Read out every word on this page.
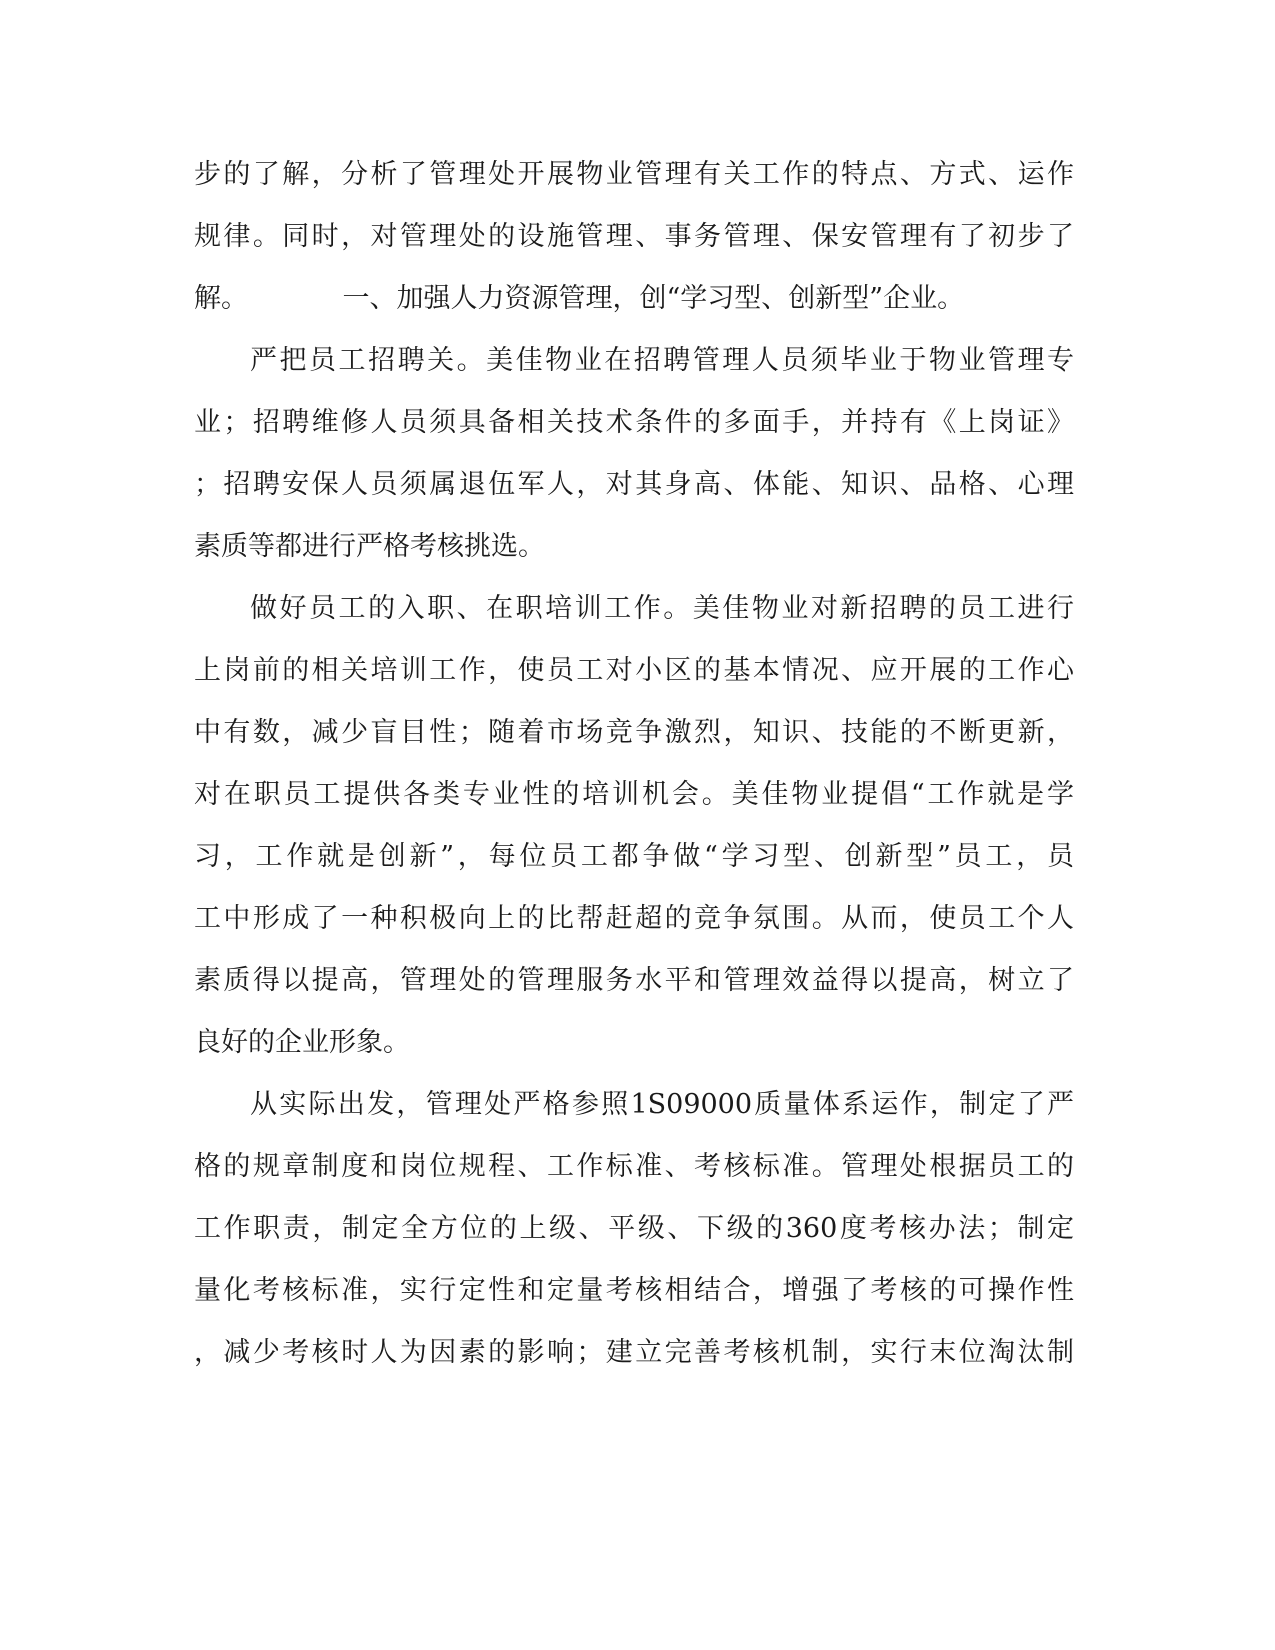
步的了解，分析了管理处开展物业管理有关工作的特点、方式、运作
规律。同时，对管理处的设施管理、事务管理、保安管理有了初步了
解。　　　　一、加强人力资源管理，创“学习型、创新型”企业。
严把员工招聘关。美佳物业在招聘管理人员须毕业于物业管理专
业；招聘维修人员须具备相关技术条件的多面手，并持有《上岗证》
；招聘安保人员须属退伍军人，对其身高、体能、知识、品格、心理
素质等都进行严格考核挑选。
做好员工的入职、在职培训工作。美佳物业对新招聘的员工进行
上岗前的相关培训工作，使员工对小区的基本情况、应开展的工作心
中有数，减少盲目性；随着市场竞争激烈，知识、技能的不断更新，
对在职员工提供各类专业性的培训机会。美佳物业提倡“工作就是学
习，工作就是创新”，每位员工都争做“学习型、创新型”员工，员
工中形成了一种积极向上的比帮赶超的竞争氛围。从而，使员工个人
素质得以提高，管理处的管理服务水平和管理效益得以提高，树立了
良好的企业形象。
从实际出发，管理处严格参照1S09000质量体系运作，制定了严
格的规章制度和岗位规程、工作标准、考核标准。管理处根据员工的
工作职责，制定全方位的上级、平级、下级的360度考核办法；制定
量化考核标准，实行定性和定量考核相结合，增强了考核的可操作性
，减少考核时人为因素的影响；建立完善考核机制，实行末位淘汰制
